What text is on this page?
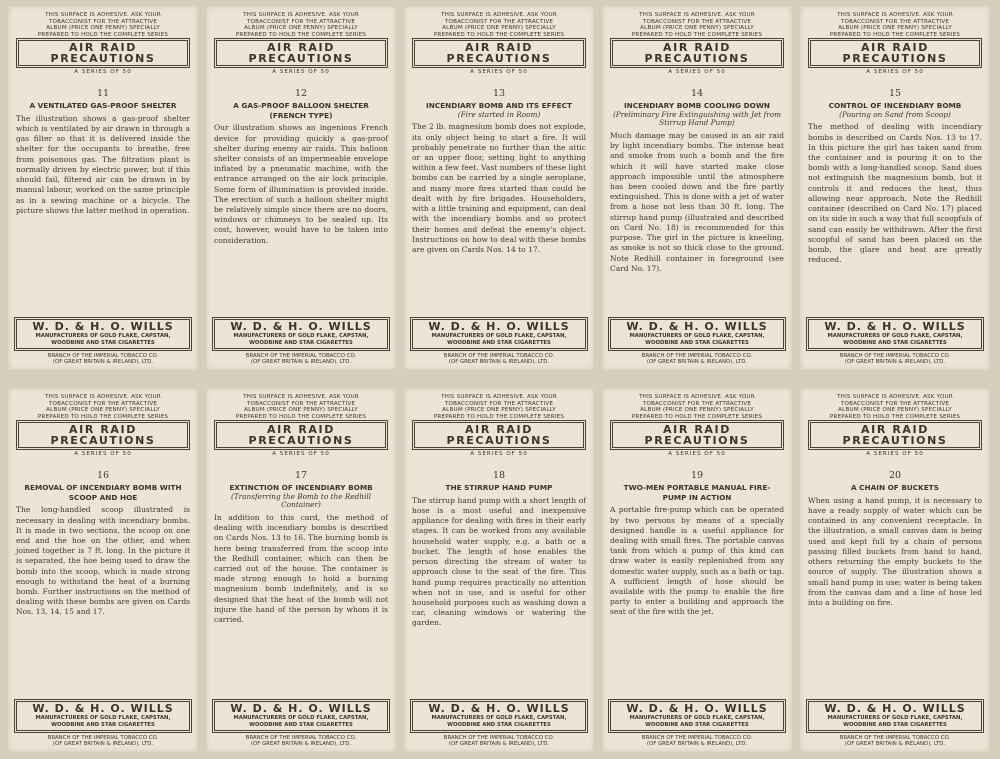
THIS SURFACE IS ADHESIVE. ASK YOUR
TOBACCONIST FOR THE ATTRACTIVE
ALBUM (PRICE ONE PENNY) SPECIALLY
PREPARED TO HOLD THE COMPLETE SERIES
AIR RAID
PRECAUTIONS
A SERIES OF 50
11
A VENTILATED GAS-PROOF SHELTER
The illustration shows a gas-proof shelter which is ventilated by air drawn in through a gas filter so that it is delivered inside the shelter for the occupants to breathe, free from poisonous gas. The filtration plant is normally driven by electric power, but if this should fail, filtered air can be drawn in by manual labour, worked on the same principle as in a sewing machine or a bicycle. The picture shows the latter method in operation.
W. D. & H. O. WILLS
MANUFACTURERS OF GOLD FLAKE, CAPSTAN,
WOODBINE AND STAR CIGARETTES
BRANCH OF THE IMPERIAL TOBACCO CO.
(OF GREAT BRITAIN & IRELAND), LTD.
THIS SURFACE IS ADHESIVE. ASK YOUR
TOBACCONIST FOR THE ATTRACTIVE
ALBUM (PRICE ONE PENNY) SPECIALLY
PREPARED TO HOLD THE COMPLETE SERIES
AIR RAID
PRECAUTIONS
A SERIES OF 50
12
A GAS-PROOF BALLOON SHELTER (FRENCH TYPE)
Our illustration shows an ingenious French device for providing quickly a gas-proof shelter during enemy air raids. This balloon shelter consists of an impermeable envelope inflated by a pneumatic machine, with the entrance arranged on the air lock principle. Some form of illumination is provided inside. The erection of such a balloon shelter might be relatively simple since there are no doors, windows or chimneys to be sealed up. Its cost, however, would have to be taken into consideration.
W. D. & H. O. WILLS
MANUFACTURERS OF GOLD FLAKE, CAPSTAN,
WOODBINE AND STAR CIGARETTES
BRANCH OF THE IMPERIAL TOBACCO CO.
(OF GREAT BRITAIN & IRELAND), LTD.
THIS SURFACE IS ADHESIVE. ASK YOUR
TOBACCONIST FOR THE ATTRACTIVE
ALBUM (PRICE ONE PENNY) SPECIALLY
PREPARED TO HOLD THE COMPLETE SERIES
AIR RAID
PRECAUTIONS
A SERIES OF 50
13
INCENDIARY BOMB AND ITS EFFECT
(Fire started in Room)
The 2 lb. magnesium bomb does not explode, its only object being to start a fire. It will probably penetrate no further than the attic or an upper floor, setting light to anything within a few feet. Vast numbers of these light bombs can be carried by a single aeroplane, and many more fires started than could be dealt with by fire brigades. Householders, with a little training and equipment, can deal with the incendiary bombs and so protect their homes and defeat the enemy's object. Instructions on how to deal with these bombs are given on Cards Nos. 14 to 17.
W. D. & H. O. WILLS
MANUFACTURERS OF GOLD FLAKE, CAPSTAN,
WOODBINE AND STAR CIGARETTES
BRANCH OF THE IMPERIAL TOBACCO CO.
(OF GREAT BRITAIN & IRELAND), LTD.
THIS SURFACE IS ADHESIVE. ASK YOUR
TOBACCONIST FOR THE ATTRACTIVE
ALBUM (PRICE ONE PENNY) SPECIALLY
PREPARED TO HOLD THE COMPLETE SERIES
AIR RAID
PRECAUTIONS
A SERIES OF 50
14
INCENDIARY BOMB COOLING DOWN
(Preliminary Fire Extinguishing with Jet from Stirrup Hand Pump)
Much damage may be caused in an air raid by light incendiary bombs. The intense heat and smoke from such a bomb and the fire which it will have started make close approach impossible until the atmosphere has been cooled down and the fire partly extinguished. This is done with a jet of water from a hose not less than 30 ft. long. The stirrup hand pump (illustrated and described on Card No. 18) is recommended for this purpose. The girl in the picture is kneeling, as smoke is not so thick close to the ground. Note Redhill container in foreground (see Card No. 17).
W. D. & H. O. WILLS
MANUFACTURERS OF GOLD FLAKE, CAPSTAN,
WOODBINE AND STAR CIGARETTES
BRANCH OF THE IMPERIAL TOBACCO CO.
(OF GREAT BRITAIN & IRELAND), LTD.
THIS SURFACE IS ADHESIVE. ASK YOUR
TOBACCONIST FOR THE ATTRACTIVE
ALBUM (PRICE ONE PENNY) SPECIALLY
PREPARED TO HOLD THE COMPLETE SERIES
AIR RAID
PRECAUTIONS
A SERIES OF 50
15
CONTROL OF INCENDIARY BOMB
(Pouring on Sand from Scoop)
The method of dealing with incendiary bombs is described on Cards Nos. 13 to 17. In this picture the girl has taken sand from the container and is pouring it on to the bomb with a long-handled scoop. Sand does not extinguish the magnesium bomb, but it controls it and reduces the heat, thus allowing near approach. Note the Redhill container (described on Card No. 17) placed on its side in such a way that full scoopfuls of sand can easily be withdrawn. After the first scoopful of sand has been placed on the bomb, the glare and heat are greatly reduced.
W. D. & H. O. WILLS
MANUFACTURERS OF GOLD FLAKE, CAPSTAN,
WOODBINE AND STAR CIGARETTES
BRANCH OF THE IMPERIAL TOBACCO CO.
(OF GREAT BRITAIN & IRELAND), LTD.
THIS SURFACE IS ADHESIVE. ASK YOUR
TOBACCONIST FOR THE ATTRACTIVE
ALBUM (PRICE ONE PENNY) SPECIALLY
PREPARED TO HOLD THE COMPLETE SERIES
AIR RAID
PRECAUTIONS
A SERIES OF 50
16
REMOVAL OF INCENDIARY BOMB WITH SCOOP AND HOE
The long-handled scoop illustrated is necessary in dealing with incendiary bombs. It is made in two sections, the scoop on one end and the hoe on the other, and when joined together is 7 ft. long. In the picture it is separated, the hoe being used to draw the bomb into the scoop, which is made strong enough to withstand the heat of a burning bomb. Further instructions on the method of dealing with these bombs are given on Cards Nos. 13, 14, 15 and 17.
W. D. & H. O. WILLS
MANUFACTURERS OF GOLD FLAKE, CAPSTAN,
WOODBINE AND STAR CIGARETTES
BRANCH OF THE IMPERIAL TOBACCO CO.
(OF GREAT BRITAIN & IRELAND), LTD.
THIS SURFACE IS ADHESIVE. ASK YOUR
TOBACCONIST FOR THE ATTRACTIVE
ALBUM (PRICE ONE PENNY) SPECIALLY
PREPARED TO HOLD THE COMPLETE SERIES
AIR RAID
PRECAUTIONS
A SERIES OF 50
17
EXTINCTION OF INCENDIARY BOMB
(Transferring the Bomb to the Redhill Container)
In addition to this card, the method of dealing with incendiary bombs is described on Cards Nos. 13 to 16. The burning bomb is here being transferred from the scoop into the Redhill container, which can then be carried out of the house. The container is made strong enough to hold a burning magnesium bomb indefinitely, and is so designed that the heat of the bomb will not injure the hand of the person by whom it is carried.
W. D. & H. O. WILLS
MANUFACTURERS OF GOLD FLAKE, CAPSTAN,
WOODBINE AND STAR CIGARETTES
BRANCH OF THE IMPERIAL TOBACCO CO.
(OF GREAT BRITAIN & IRELAND), LTD.
THIS SURFACE IS ADHESIVE. ASK YOUR
TOBACCONIST FOR THE ATTRACTIVE
ALBUM (PRICE ONE PENNY) SPECIALLY
PREPARED TO HOLD THE COMPLETE SERIES
AIR RAID
PRECAUTIONS
A SERIES OF 50
18
THE STIRRUP HAND PUMP
The stirrup hand pump with a short length of hose is a most useful and inexpensive appliance for dealing with fires in their early stages. It can be worked from any available household water supply, e.g. a bath or a bucket. The length of hose enables the person directing the stream of water to approach close to the seat of the fire. This hand pump requires practically no attention when not in use, and is useful for other household purposes such as washing down a car, cleaning windows or watering the garden.
W. D. & H. O. WILLS
MANUFACTURERS OF GOLD FLAKE, CAPSTAN,
WOODBINE AND STAR CIGARETTES
BRANCH OF THE IMPERIAL TOBACCO CO.
(OF GREAT BRITAIN & IRELAND), LTD.
THIS SURFACE IS ADHESIVE. ASK YOUR
TOBACCONIST FOR THE ATTRACTIVE
ALBUM (PRICE ONE PENNY) SPECIALLY
PREPARED TO HOLD THE COMPLETE SERIES
AIR RAID
PRECAUTIONS
A SERIES OF 50
19
TWO-MEN PORTABLE MANUAL FIRE-PUMP IN ACTION
A portable fire-pump which can be operated by two persons by means of a specially designed handle is a useful appliance for dealing with small fires. The portable canvas tank from which a pump of this kind can draw water is easily replenished from any domestic water supply, such as a bath or tap. A sufficient length of hose should be available with the pump to enable the fire party to enter a building and approach the seat of the fire with the jet.
W. D. & H. O. WILLS
MANUFACTURERS OF GOLD FLAKE, CAPSTAN,
WOODBINE AND STAR CIGARETTES
BRANCH OF THE IMPERIAL TOBACCO CO.
(OF GREAT BRITAIN & IRELAND), LTD.
THIS SURFACE IS ADHESIVE. ASK YOUR
TOBACCONIST FOR THE ATTRACTIVE
ALBUM (PRICE ONE PENNY) SPECIALLY
PREPARED TO HOLD THE COMPLETE SERIES
AIR RAID
PRECAUTIONS
A SERIES OF 50
20
A CHAIN OF BUCKETS
When using a hand pump, it is necessary to have a ready supply of water which can be contained in any convenient receptacle. In the illustration, a small canvas dam is being used and kept full by a chain of persons passing filled buckets from hand to hand, others returning the empty buckets to the source of supply. The illustration shows a small hand pump in use; water is being taken from the canvas dam and a line of hose led into a building on fire.
W. D. & H. O. WILLS
MANUFACTURERS OF GOLD FLAKE, CAPSTAN,
WOODBINE AND STAR CIGARETTES
BRANCH OF THE IMPERIAL TOBACCO CO.
(OF GREAT BRITAIN & IRELAND), LTD.
